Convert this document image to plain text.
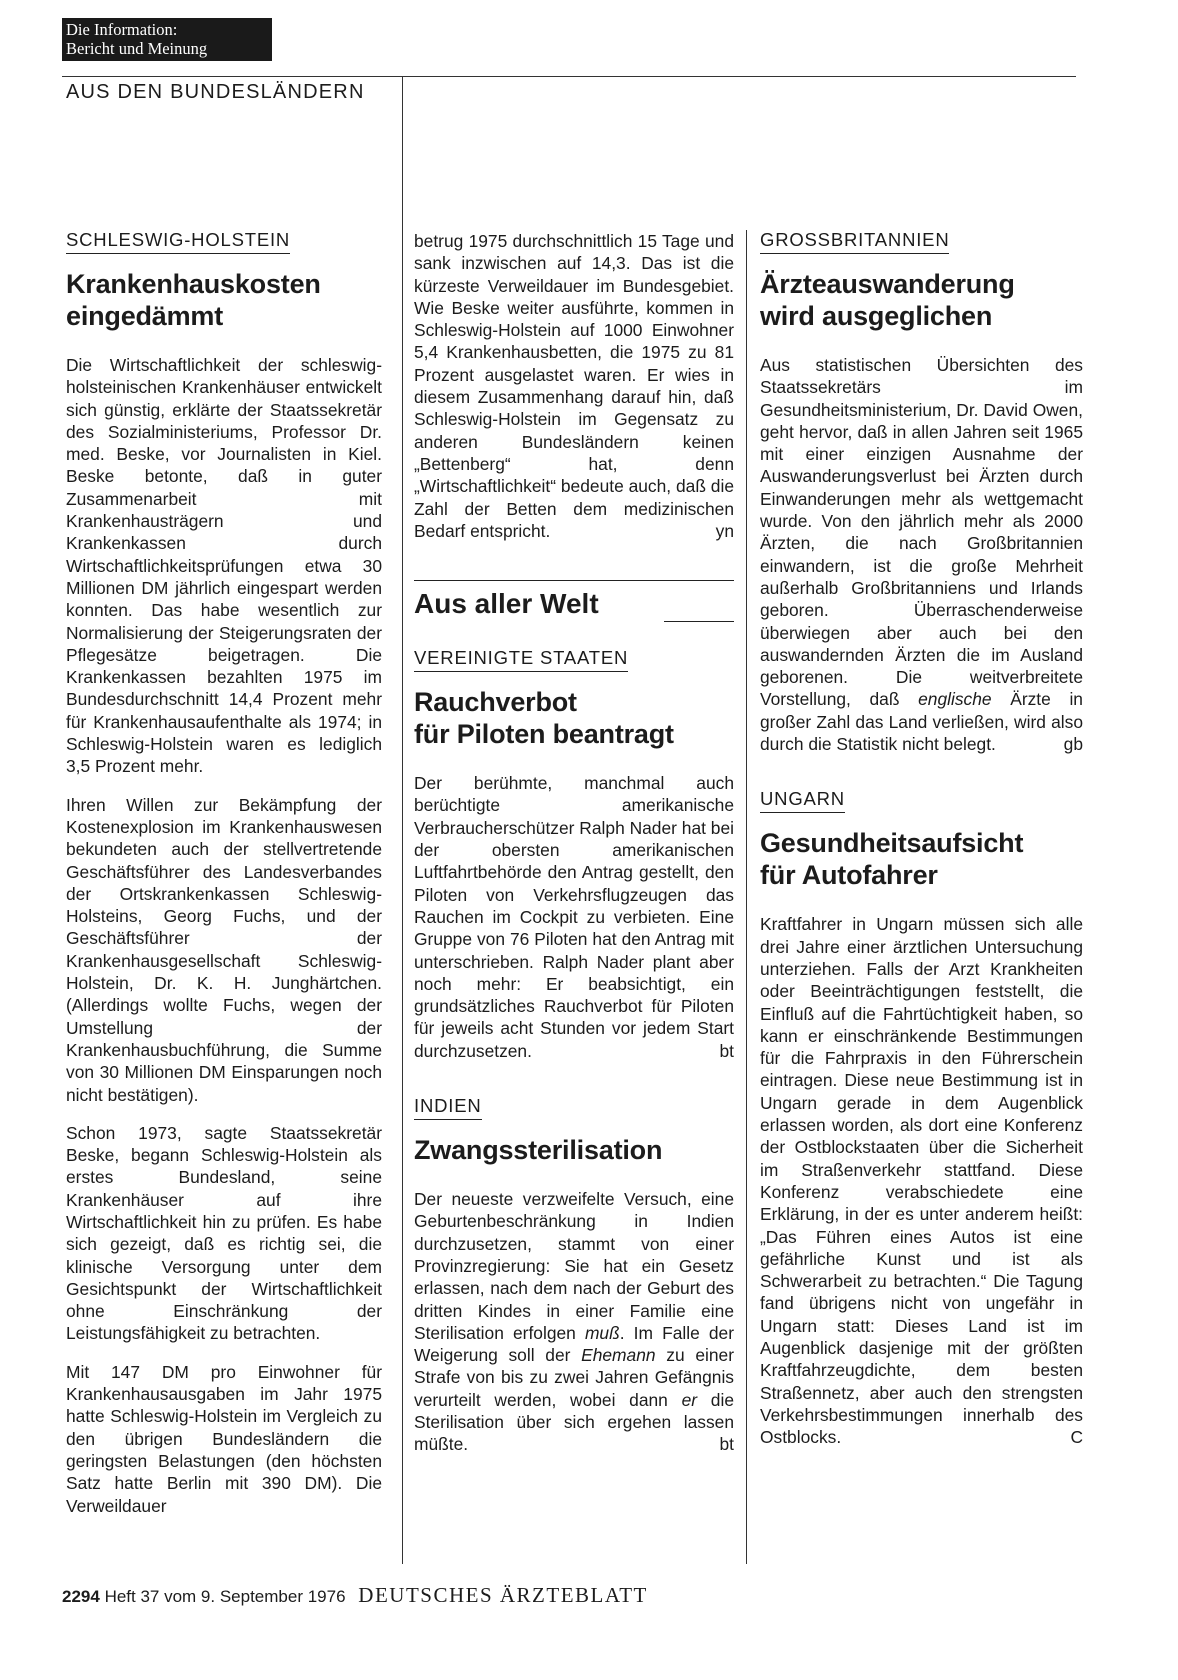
Die Information:
Bericht und Meinung
AUS DEN BUNDESLÄNDERN
SCHLESWIG-HOLSTEIN
Krankenhauskosten
eingedämmt

Die Wirtschaftlichkeit der schleswig-holsteinischen Krankenhäuser entwickelt sich günstig, erklärte der Staatssekretär des Sozialministeriums, Professor Dr. med. Beske, vor Journalisten in Kiel. Beske betonte, daß in guter Zusammenarbeit mit Krankenhausträgern und Krankenkassen durch Wirtschaftlichkeitsprüfungen etwa 30 Millionen DM jährlich eingespart werden konnten. Das habe wesentlich zur Normalisierung der Steigerungsraten der Pflegesätze beigetragen. Die Krankenkassen bezahlten 1975 im Bundesdurchschnitt 14,4 Prozent mehr für Krankenhausaufenthalte als 1974; in Schleswig-Holstein waren es lediglich 3,5 Prozent mehr.

Ihren Willen zur Bekämpfung der Kostenexplosion im Krankenhauswesen bekundeten auch der stellvertretende Geschäftsführer des Landesverbandes der Ortskrankenkassen Schleswig-Holsteins, Georg Fuchs, und der Geschäftsführer der Krankenhausgesellschaft Schleswig-Holstein, Dr. K. H. Junghärtchen. (Allerdings wollte Fuchs, wegen der Umstellung der Krankenhausbuchführung, die Summe von 30 Millionen DM Einsparungen noch nicht bestätigen).

Schon 1973, sagte Staatssekretär Beske, begann Schleswig-Holstein als erstes Bundesland, seine Krankenhäuser auf ihre Wirtschaftlichkeit hin zu prüfen. Es habe sich gezeigt, daß es richtig sei, die klinische Versorgung unter dem Gesichtspunkt der Wirtschaftlichkeit ohne Einschränkung der Leistungsfähigkeit zu betrachten.

Mit 147 DM pro Einwohner für Krankenhausausgaben im Jahr 1975 hatte Schleswig-Holstein im Vergleich zu den übrigen Bundesländern die geringsten Belastungen (den höchsten Satz hatte Berlin mit 390 DM). Die Verweildauer

betrug 1975 durchschnittlich 15 Tage und sank inzwischen auf 14,3. Das ist die kürzeste Verweildauer im Bundesgebiet. Wie Beske weiter ausführte, kommen in Schleswig-Holstein auf 1000 Einwohner 5,4 Krankenhausbetten, die 1975 zu 81 Prozent ausgelastet waren. Er wies in diesem Zusammenhang darauf hin, daß Schleswig-Holstein im Gegensatz zu anderen Bundesländern keinen „Bettenberg“ hat, denn „Wirtschaftlichkeit“ bedeute auch, daß die Zahl der Betten dem medizinischen Bedarf entspricht.	yn

Aus aller Welt
VEREINIGTE STAATEN
Rauchverbot
für Piloten beantragt

Der berühmte, manchmal auch berüchtigte amerikanische Verbraucherschützer Ralph Nader hat bei der obersten amerikanischen Luftfahrtbehörde den Antrag gestellt, den Piloten von Verkehrsflugzeugen das Rauchen im Cockpit zu verbieten. Eine Gruppe von 76 Piloten hat den Antrag mit unterschrieben. Ralph Nader plant aber noch mehr: Er beabsichtigt, ein grundsätzliches Rauchverbot für Piloten für jeweils acht Stunden vor jedem Start durchzusetzen.	bt

INDIEN
Zwangssterilisation

Der neueste verzweifelte Versuch, eine Geburtenbeschränkung in Indien durchzusetzen, stammt von einer Provinzregierung: Sie hat ein Gesetz erlassen, nach dem nach der Geburt des dritten Kindes in einer Familie eine Sterilisation erfolgen muß. Im Falle der Weigerung soll der Ehemann zu einer Strafe von bis zu zwei Jahren Gefängnis verurteilt werden, wobei dann er die Sterilisation über sich ergehen lassen müßte.	bt

GROSSBRITANNIEN
Ärzteauswanderung
wird ausgeglichen

Aus statistischen Übersichten des Staatssekretärs im Gesundheitsministerium, Dr. David Owen, geht hervor, daß in allen Jahren seit 1965 mit einer einzigen Ausnahme der Auswanderungsverlust bei Ärzten durch Einwanderungen mehr als wettgemacht wurde. Von den jährlich mehr als 2000 Ärzten, die nach Großbritannien einwandern, ist die große Mehrheit außerhalb Großbritanniens und Irlands geboren. Überraschenderweise überwiegen aber auch bei den auswandernden Ärzten die im Ausland geborenen. Die weitverbreitete Vorstellung, daß englische Ärzte in großer Zahl das Land verließen, wird also durch die Statistik nicht belegt.	gb

UNGARN
Gesundheitsaufsicht
für Autofahrer

Kraftfahrer in Ungarn müssen sich alle drei Jahre einer ärztlichen Untersuchung unterziehen. Falls der Arzt Krankheiten oder Beeinträchtigungen feststellt, die Einfluß auf die Fahrtüchtigkeit haben, so kann er einschränkende Bestimmungen für die Fahrpraxis in den Führerschein eintragen. Diese neue Bestimmung ist in Ungarn gerade in dem Augenblick erlassen worden, als dort eine Konferenz der Ostblockstaaten über die Sicherheit im Straßenverkehr stattfand. Diese Konferenz verabschiedete eine Erklärung, in der es unter anderem heißt: „Das Führen eines Autos ist eine gefährliche Kunst und ist als Schwerarbeit zu betrachten.“ Die Tagung fand übrigens nicht von ungefähr in Ungarn statt: Dieses Land ist im Augenblick dasjenige mit der größten Kraftfahrzeugdichte, dem besten Straßennetz, aber auch den strengsten Verkehrsbestimmungen innerhalb des Ostblocks.	C

2294 Heft 37 vom 9. September 1976 DEUTSCHES ÄRZTEBLATT
